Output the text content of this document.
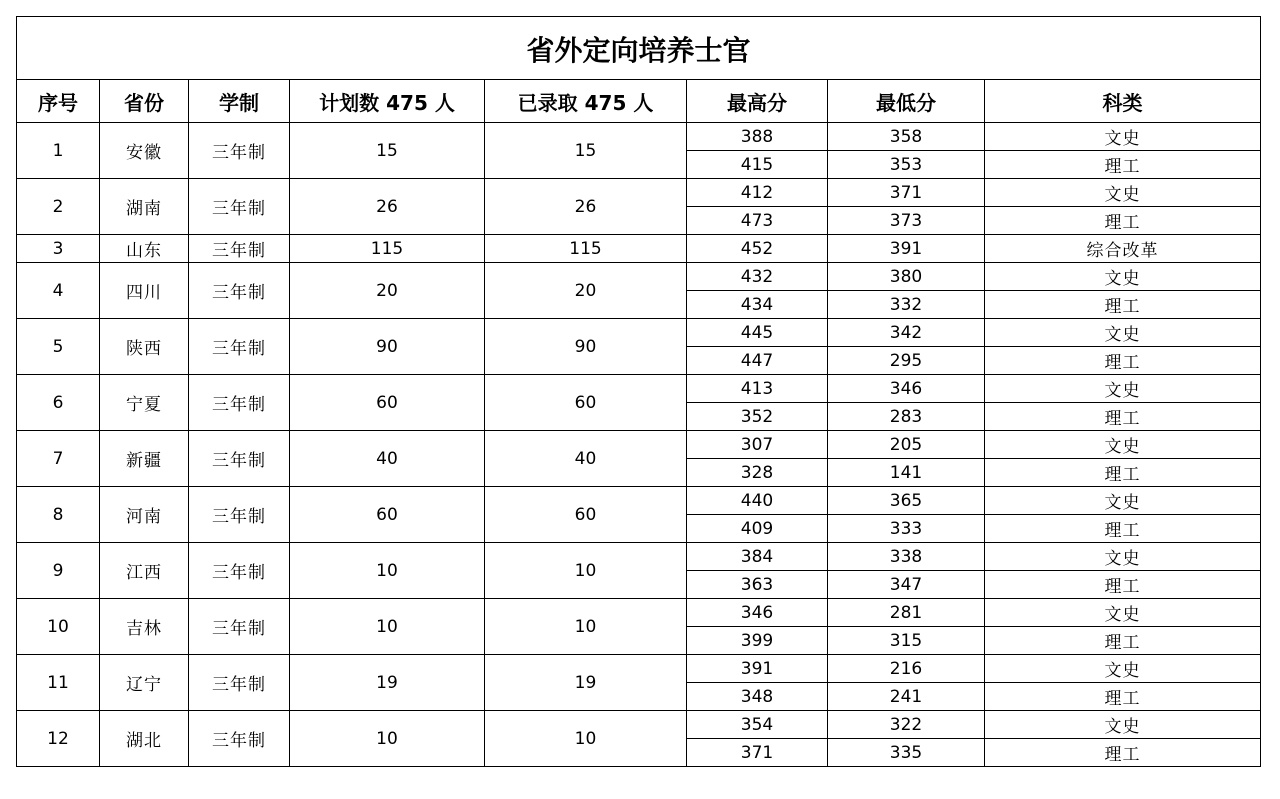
省外定向培养士官							
序号	省份	学制	计划数 475 人	已录取 475 人	最高分	最低分	科类
1	安徽	三年制	15	15	388	358	文史
					415	353	理工
2	湖南	三年制	26	26	412	371	文史
					473	373	理工
3	山东	三年制	115	115	452	391	综合改革
4	四川	三年制	20	20	432	380	文史
					434	332	理工
5	陕西	三年制	90	90	445	342	文史
					447	295	理工
6	宁夏	三年制	60	60	413	346	文史
					352	283	理工
7	新疆	三年制	40	40	307	205	文史
					328	141	理工
8	河南	三年制	60	60	440	365	文史
					409	333	理工
9	江西	三年制	10	10	384	338	文史
					363	347	理工
10	吉林	三年制	10	10	346	281	文史
					399	315	理工
11	辽宁	三年制	19	19	391	216	文史
					348	241	理工
12	湖北	三年制	10	10	354	322	文史
					371	335	理工
